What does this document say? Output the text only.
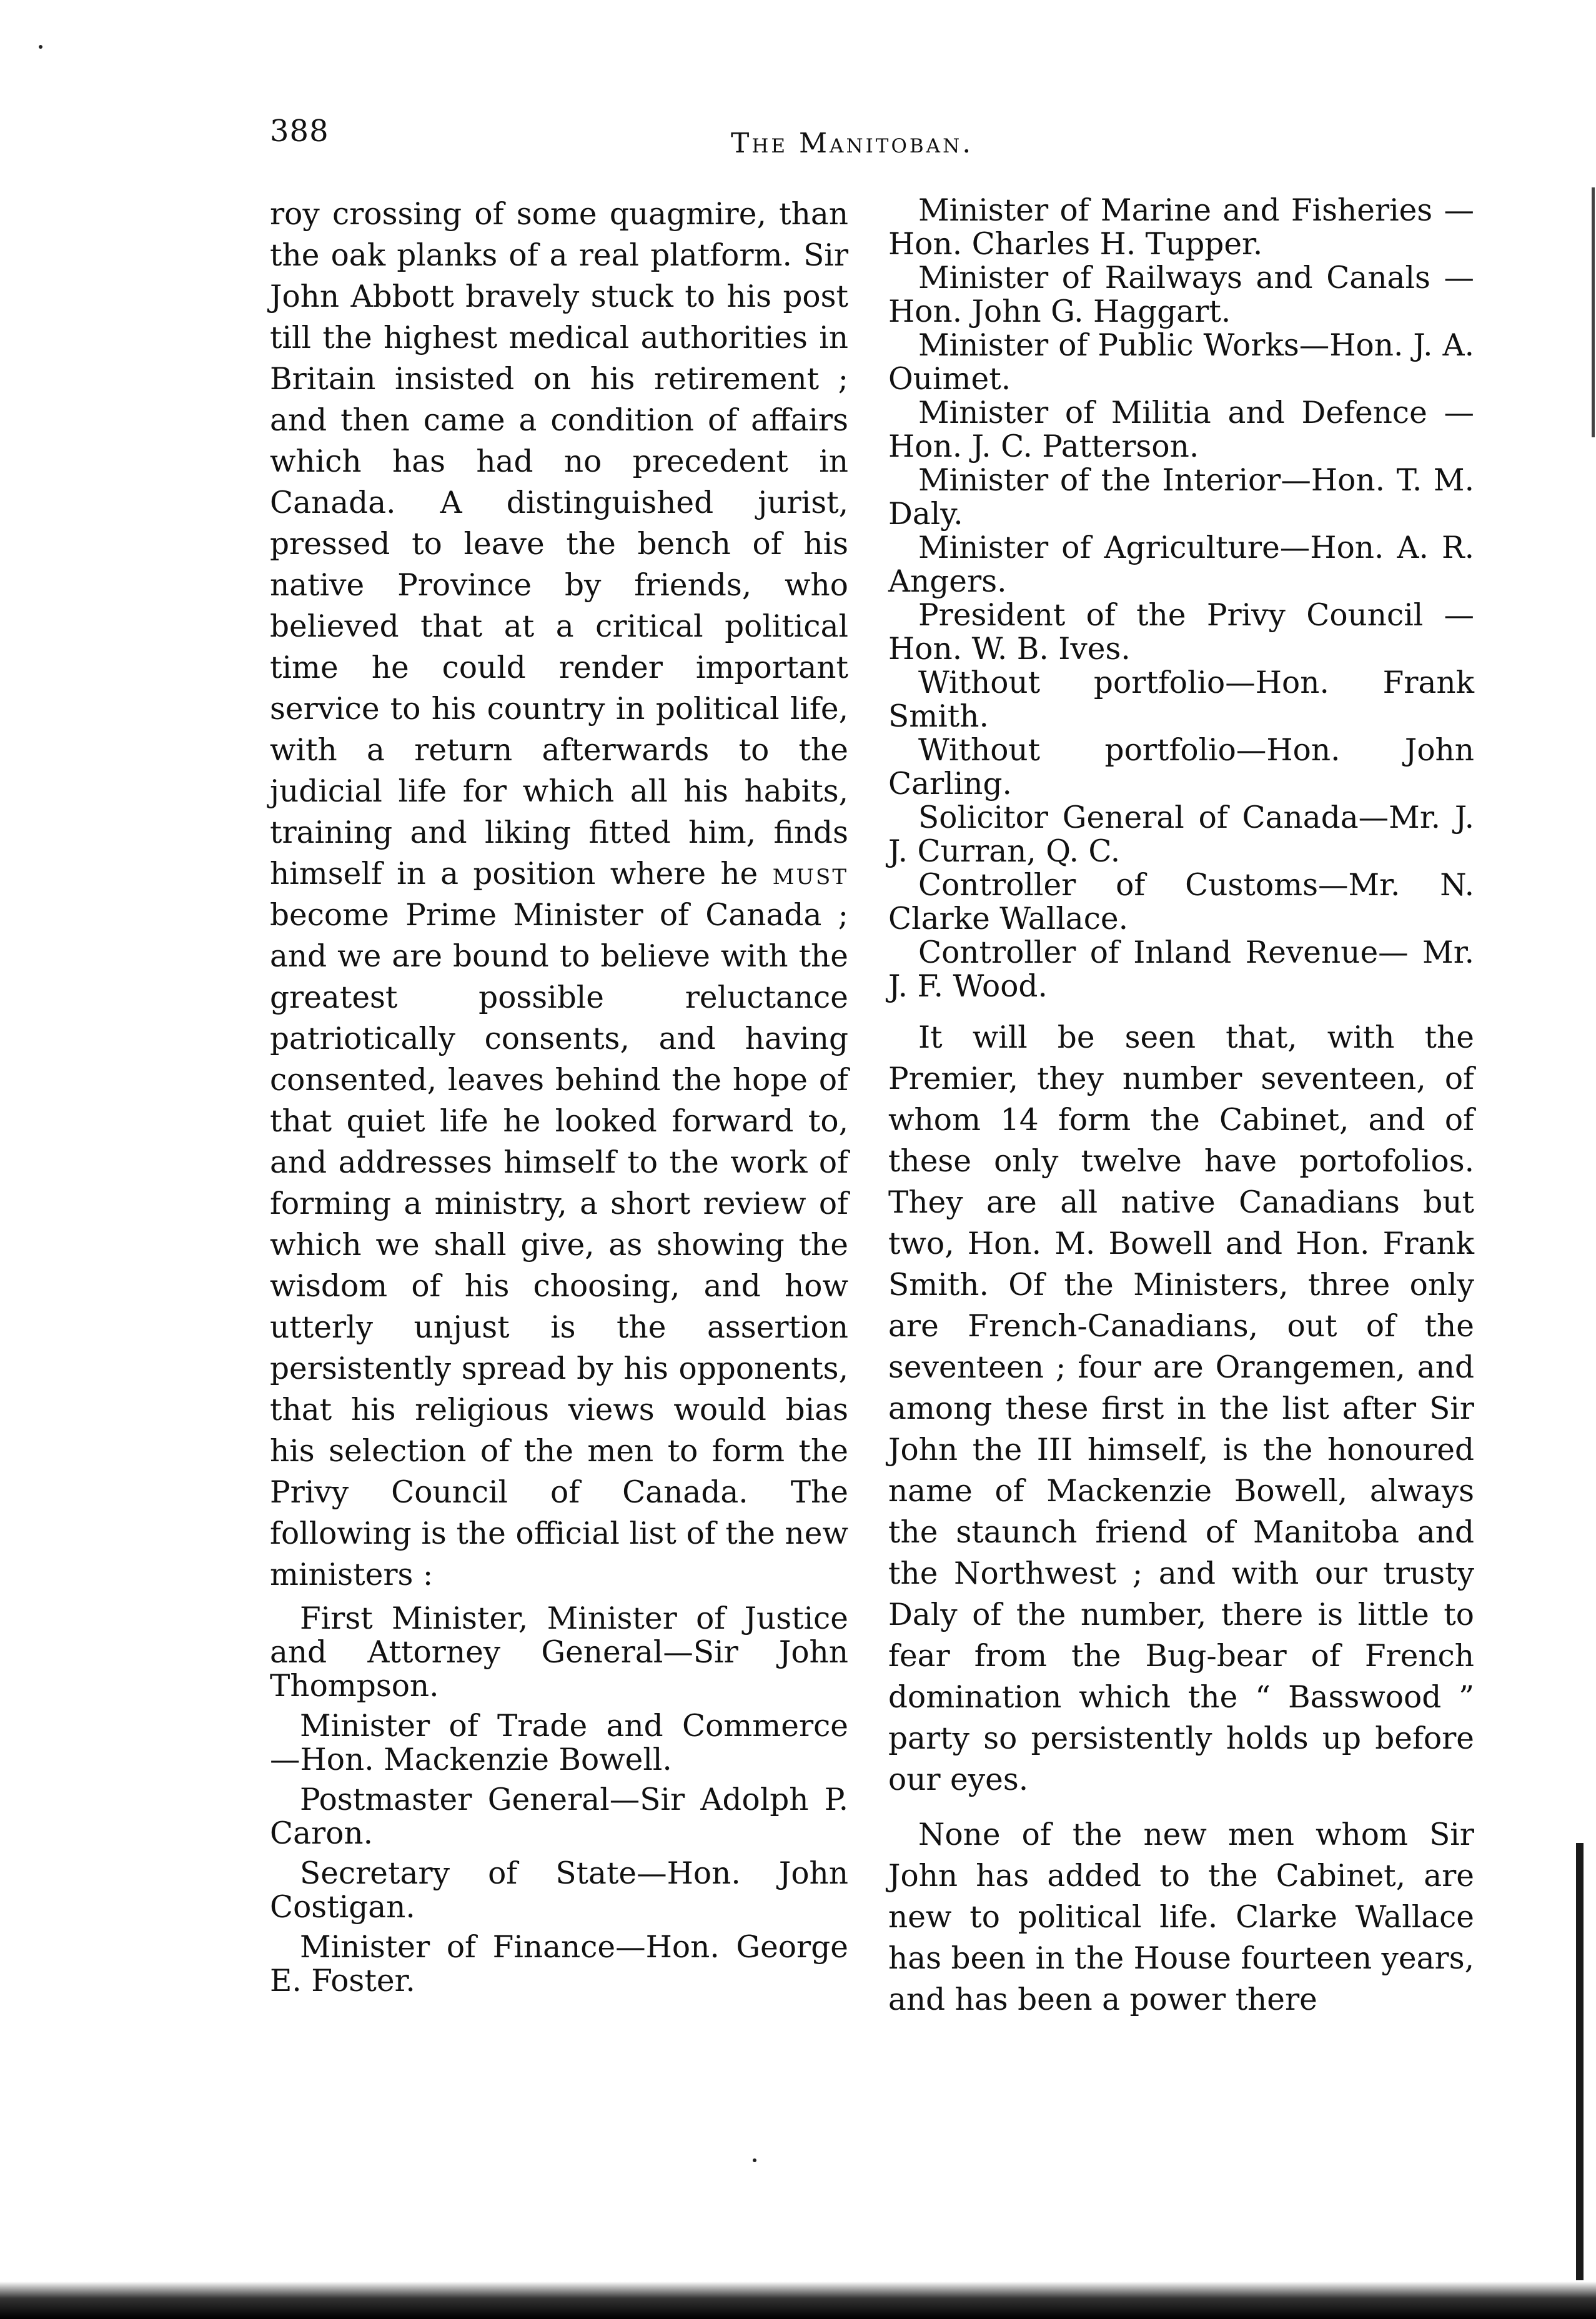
388	The Manitoban.

roy crossing of some quagmire, than the oak planks of a real platform. Sir John Abbott bravely stuck to his post till the highest medical authorities in Britain insisted on his retirement ; and then came a condition of affairs which has had no precedent in Canada. A distinguished jurist, pressed to leave the bench of his native Province by friends, who believed that at a critical political time he could render important service to his country in political life, with a return afterwards to the judicial life for which all his habits, training and liking fitted him, finds himself in a position where he must become Prime Minister of Canada ; and we are bound to believe with the greatest possible reluctance patriotically consents, and having consented, leaves behind the hope of that quiet life he looked forward to, and addresses himself to the work of forming a ministry, a short review of which we shall give, as showing the wisdom of his choosing, and how utterly unjust is the assertion persistently spread by his opponents, that his religious views would bias his selection of the men to form the Privy Council of Canada. The following is the official list of the new ministers :

First Minister, Minister of Justice and Attorney General—Sir John Thompson.

Minister of Trade and Commerce —Hon. Mackenzie Bowell.

Postmaster General—Sir Adolph P. Caron.

Secretary of State—Hon. John Costigan.

Minister of Finance—Hon. George E. Foster.

Minister of Marine and Fisheries —Hon. Charles H. Tupper.

Minister of Railways and Canals —Hon. John G. Haggart.

Minister of Public Works—Hon. J. A. Ouimet.

Minister of Militia and Defence —Hon. J. C. Patterson.

Minister of the Interior—Hon. T. M. Daly.

Minister of Agriculture—Hon. A. R. Angers.

President of the Privy Council —Hon. W. B. Ives.

Without portfolio—Hon. Frank Smith.

Without portfolio—Hon. John Carling.

Solicitor General of Canada—Mr. J. J. Curran, Q. C.

Controller of Customs—Mr. N. Clarke Wallace.

Controller of Inland Revenue— Mr. J. F. Wood.

It will be seen that, with the Premier, they number seventeen, of whom 14 form the Cabinet, and of these only twelve have portofolios. They are all native Canadians but two, Hon. M. Bowell and Hon. Frank Smith. Of the Ministers, three only are French-Canadians, out of the seventeen ; four are Orangemen, and among these first in the list after Sir John the III himself, is the honoured name of Mackenzie Bowell, always the staunch friend of Manitoba and the Northwest ; and with our trusty Daly of the number, there is little to fear from the Bug-bear of French domination which the “ Basswood ” party so persistently holds up before our eyes.

None of the new men whom Sir John has added to the Cabinet, are new to political life. Clarke Wallace has been in the House fourteen years, and has been a power there
